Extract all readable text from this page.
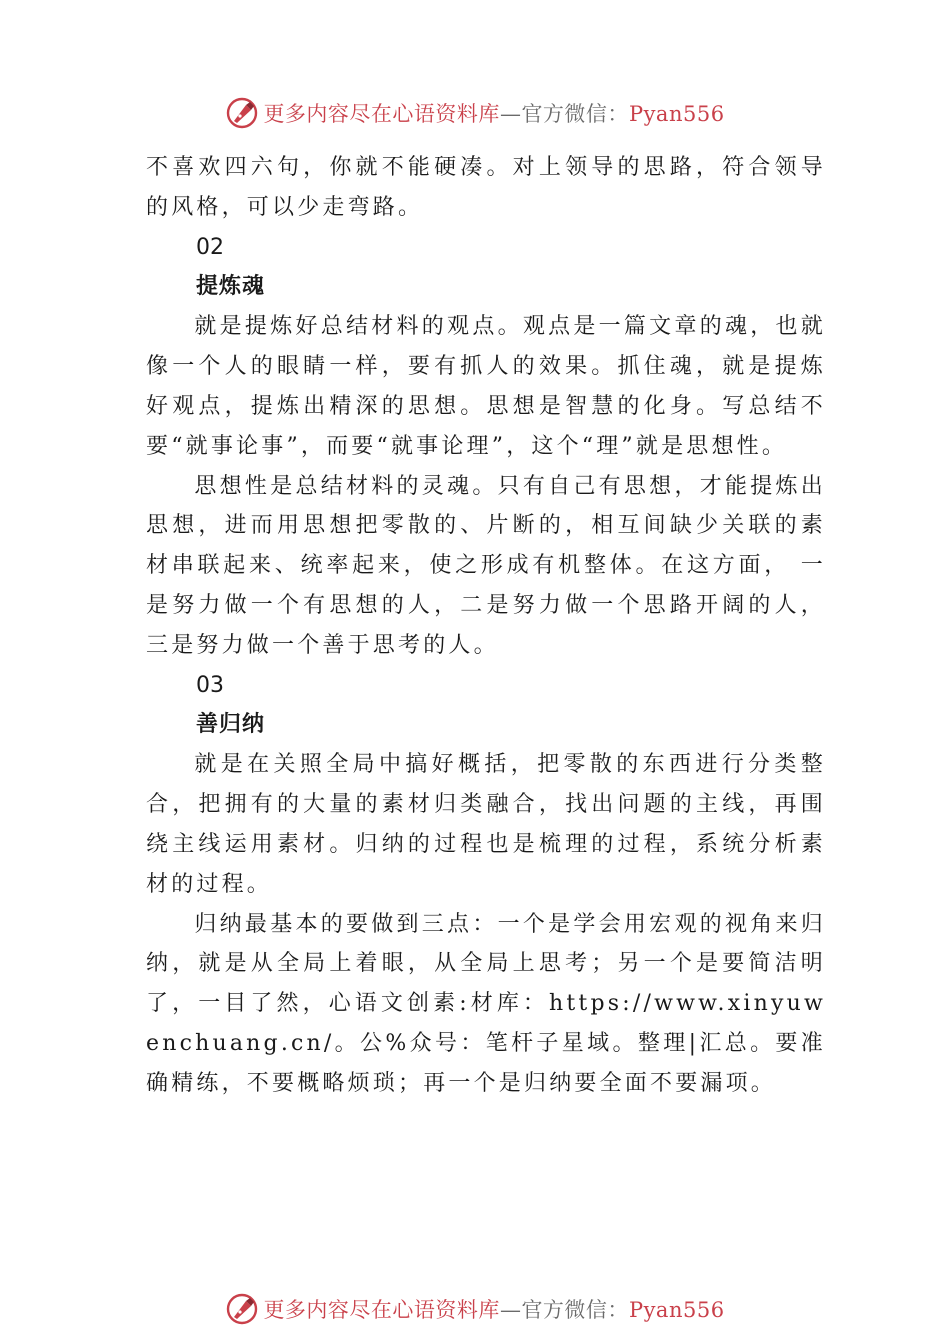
更多内容尽在心语资料库—官方微信：Pyan556

不喜欢四六句，你就不能硬凑。对上领导的思路，符合领导的风格，可以少走弯路。

02

提炼魂

就是提炼好总结材料的观点。观点是一篇文章的魂，也就像一个人的眼睛一样，要有抓人的效果。抓住魂，就是提炼好观点，提炼出精深的思想。思想是智慧的化身。写总结不要“就事论事”，而要“就事论理”，这个“理”就是思想性。

思想性是总结材料的灵魂。只有自己有思想，才能提炼出思想，进而用思想把零散的、片断的，相互间缺少关联的素材串联起来、统率起来，使之形成有机整体。在这方面， 一是努力做一个有思想的人，二是努力做一个思路开阔的人，三是努力做一个善于思考的人。

03

善归纳

就是在关照全局中搞好概括，把零散的东西进行分类整合，把拥有的大量的素材归类融合，找出问题的主线，再围绕主线运用素材。归纳的过程也是梳理的过程，系统分析素材的过程。

归纳最基本的要做到三点：一个是学会用宏观的视角来归纳，就是从全局上着眼，从全局上思考；另一个是要简洁明了，一目了然，心语文创素:材库：https://www.xinyuwenchuang.cn/。公%众号：笔杆子星域。整理|汇总。要准确精练，不要概略烦琐；再一个是归纳要全面不要漏项。

更多内容尽在心语资料库—官方微信：Pyan556
